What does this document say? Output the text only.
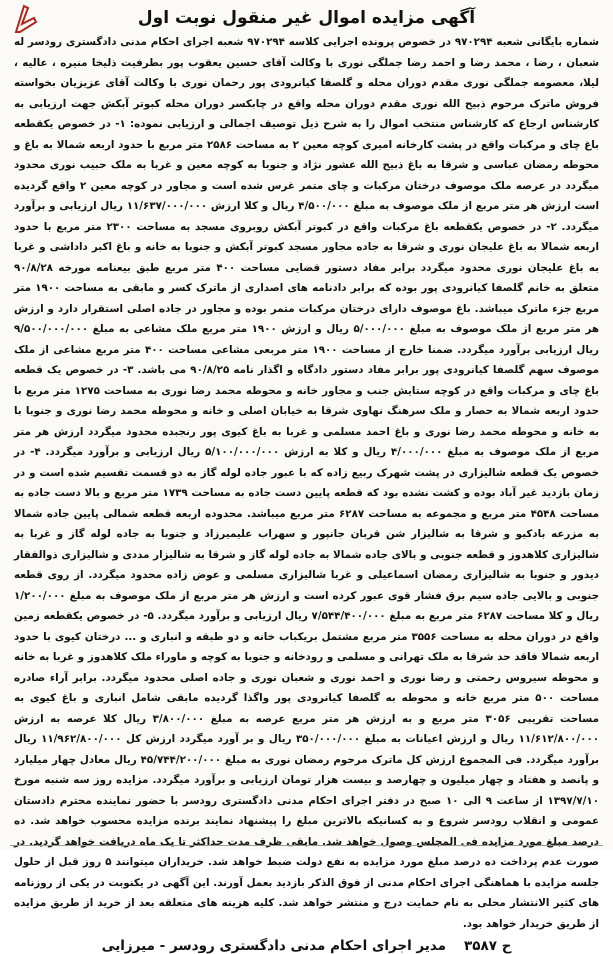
آگهی مزایده اموال غیر منقول نوبت اول

شماره بایگانی شعبه ۹۷۰۲۹۴ در خصوص پرونده اجرایی کلاسه ۹۷۰۲۹۴ شعبه اجرای احکام مدنی دادگستری رودسر له شعبان ، رضا ، محمد رضا و احمد رضا جملگی نوری با وکالت آقای حسین یعقوب پور بطرفیت ذلیخا منیره ، عالیه ، لیلا، معصومه جملگی نوری مقدم دوران محله و گلصفا کیانرودی پور رحمان نوری با وکالت آقای عزیزیان بخواسته فروش ماترک مرحوم ذبیح الله نوری مقدم دوران محله واقع در چابکسر دوران محله کبوتر آبکش جهت ارزیابی به کارشناس ارجاع که کارشناس منتخب اموال را به شرح ذیل توصیف اجمالی و ارزیابی نموده: ۱- در خصوص یکقطعه باغ چای و مرکبات واقع در پشت کارخانه امیری کوچه معین ۲ به مساحت ۲۵۸۶ متر مربع با حدود اربعه شمالا به باغ و محوطه رمضان عباسی و شرقا به باغ ذبیح الله عشور نژاد و جنوبا به کوچه معین و غربا به ملک حبیب نوری محدود میگردد در عرصه ملک موصوف درختان مرکبات و چای متمر غرس شده است و مجاور در کوچه معین ۲ واقع گردیده است ارزش هر متر مربع از ملک موصوف به مبلغ ۴/۵۰۰/۰۰۰ ریال و کلا ارزش ۱۱/۶۳۷/۰۰۰/۰۰۰ ریال ارزیابی و برآورد میگردد. ۲- در خصوص یکقطعه باغ مرکبات واقع در کبوتر آبکش روبروی مسجد به مساحت ۲۳۰۰ متر مربع با حدود اربعه شمالا به باغ علیجان نوری و شرقا به جاده مجاور مسجد کبوتر آبکش و جنوبا به خانه و باغ اکبر داداشی و غربا به باغ علیجان نوری محدود میگردد برابر مفاد دستور قضایی مساحت ۴۰۰ متر مربع طبق بیعنامه مورخه ۹۰/۸/۲۸ متعلق به خانم گلصفا کیانرودی پور بوده که برابر دادنامه های اصداری از ماترک کسر و مابقی به مساحت ۱۹۰۰ متر مربع جزء ماترک میباشد. باغ موصوف دارای درختان مرکبات متمر بوده و مجاور در جاده اصلی استقرار دارد و ارزش هر متر مربع از ملک موصوف به مبلغ ۵/۰۰۰/۰۰۰ ریال و ارزش ۱۹۰۰ متر مربع ملک مشاعی به مبلغ ۹/۵۰۰/۰۰۰/۰۰۰ ریال ارزیابی برآورد میگردد. ضمنا خارج از مساحت ۱۹۰۰ متر مربعی مشاعی مساحت ۴۰۰ متر مربع مشاعی از ملک موصوف سهم گلصفا کیانرودی پور برابر مفاد دستور دادگاه و اگذار نامه ۹۰/۸/۲۵ می باشد. ۳- در خصوص یک قطعه باغ چای و مرکبات واقع در کوچه ستایش جنب و مجاور خانه و محوطه محمد رضا نوری به مساحت ۱۲۷۵ متر مربع با حدود اربعه شمالا به حصار و ملک سرهنگ نهاوی شرقا به خیابان اصلی و خانه و محوطه محمد رضا نوری و جنوبا با به خانه و محوطه محمد رضا نوری و باغ احمد مسلمی و غربا به باغ کیوی پور رنجبده محدود میگردد ارزش هر متر مربع از ملک موصوف به مبلغ ۴/۰۰۰/۰۰۰ ریال و کلا به ارزش ۵/۱۰۰/۰۰۰/۰۰۰ ریال ارزیابی و برآورد میگردد. ۴- در خصوص یک قطعه شالیزاری در پشت شهرک ربیع زاده که با عبور جاده لوله گاز به دو قسمت تقسیم شده است و در زمان بازدید غیر آباد بوده و کشت نشده بود که قطعه پایین دست جاده به مساحت ۱۷۳۹ متر مربع و بالا دست جاده به مساحت ۴۵۴۸ متر مربع و مجموعه به مساحت ۶۲۸۷ متر مربع میباشد. محدوده اربعه قطعه شمالی پایین جاده شمالا به مزرعه بادکیو و شرقا به شالیزار شن قربان جانپور و سهراب علیمیرزاد و جنوبا به جاده لوله گاز و غربا به شالیزاری کلاهدوز و قطعه جنوبی و بالای جاده شمالا به جاده لوله گاز و شرقا به شالیزار مددی و شالیزاری ذوالفقار دیدور و جنوبا به شالیزاری رمضان اسماعیلی و غربا شالیزاری مسلمی و عوض زاده محدود میگردد. از روی قطعه جنوبی و بالایی جاده سیم برق فشار قوی عبور کرده است و ارزش هر متر مربع از ملک موصوف به مبلغ ۱/۲۰۰/۰۰۰ ریال و کلا مساحت ۶۲۸۷ متر مربع به مبلغ ۷/۵۴۴/۴۰۰/۰۰۰ ریال ارزیابی و برآورد میگردد. ۵- در خصوص یکقطعه زمین واقع در دوران محله به مساحت ۳۵۵۶ متر مربع مشتمل بریکباب خانه و دو طبقه و انباری و ... درختان کیوی با حدود اربعه شمالا فاقد حد شرقا به ملک تهرانی و مسلمی و رودخانه و جنوبا به کوچه و ماوراء ملک کلاهدوز و غربا به خانه و محوطه سیروس رحمتی و رضا نوری و احمد نوری و شعبان نوری و جاده اصلی محدود میگردد. برابر آراء صادره مساحت ۵۰۰ متر مربع خانه و محوطه به گلصفا کیانرودی پور واگذا گردیده مابقی شامل انباری و باغ کیوی به مساحت تقریبی ۳۰۵۶ متر مربع و به ارزش هر متر مربع عرصه به مبلغ ۳/۸۰۰/۰۰۰ ریال کلا عرصه به ارزش ۱۱/۶۱۲/۸۰۰/۰۰۰ ریال و ارزش اعیانات به مبلغ ۳۵۰/۰۰۰/۰۰۰ ریال و بر آورد میگردد ارزش کل ۱۱/۹۶۲/۸۰۰/۰۰۰ ریال برآورد میگردد. فی المجموع ارزش کل ماترک مرحوم رمضان نوری به مبلغ ۴۵/۷۴۴/۲۰۰/۰۰۰ ریال معادل چهار میلیارد و پانصد و هفتاد و چهار میلیون و چهارصد و بیست هزار تومان ارزیابی و برآورد میگردد. مزایده روز سه شنبه مورخ ۱۳۹۷/۷/۱۰ از ساعت ۹ الی ۱۰ صبح در دفتر اجرای احکام مدنی دادگستری رودسر با حضور نماینده محترم دادستان عمومی و انقلاب رودسر شروع و به کسانیکه بالاترین مبلغ را پیشنهاد نمایند برنده مزایده محسوب خواهد شد. ده درصد مبلغ مورد مزایده فی المجلس وصول خواهد شد. مابقی ظرف مدت حداکثر تا یک ماه دریافت خواهد گردید. در صورت عدم پرداخت ده درصد مبلغ مورد مزایده به نفع دولت ضبط خواهد شد. خریداران میتوانند ۵ روز قبل از حلول جلسه مزایده با هماهنگی اجرای احکام مدنی از فوق الذکر بازدید بعمل آورند. این آگهی در یکنوبت در یکی از روزنامه های کثیر الانتشار محلی به نام حمایت درج و منتشر خواهد شد. کلیه هزینه های متعلقه بعد از خرید از طریق مزایده از طریق خریدار خواهد بود.

ح ۳۵۸۷
مدیر اجرای احکام مدنی دادگستری رودسر - میرزایی
